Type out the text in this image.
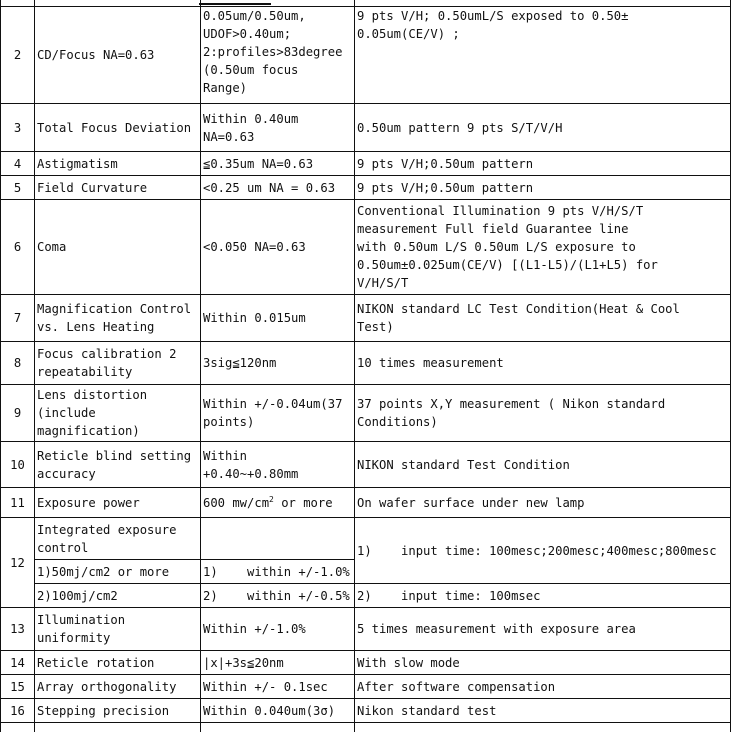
2	CD/Focus NA=0.63	0.05um/0.50um,
UDOF>0.40um;
2:profiles>83degree
(0.50um focus
Range)	9 pts V/H; 0.50umL/S exposed to 0.50±
0.05um(CE/V) ;
3	Total Focus Deviation	Within 0.40um
NA=0.63	0.50um pattern 9 pts S/T/V/H
4	Astigmatism	≦0.35um NA=0.63	9 pts V/H;0.50um pattern
5	Field Curvature	<0.25 um NA = 0.63	9 pts V/H;0.50um pattern
6	Coma	<0.050 NA=0.63	Conventional Illumination 9 pts V/H/S/T
measurement Full field Guarantee line
with 0.50um L/S 0.50um L/S exposure to
0.50um±0.025um(CE/V) [(L1-L5)/(L1+L5) for
V/H/S/T
7	Magnification Control
vs. Lens Heating	Within 0.015um	NIKON standard LC Test Condition(Heat & Cool
Test)
8	Focus calibration 2
repeatability	3sig≦120nm	10 times measurement
9	Lens distortion
(include
magnification)	Within +/-0.04um(37
points)	37 points X,Y measurement ( Nikon standard
Conditions)
10	Reticle blind setting
accuracy	Within
+0.40~+0.80mm	NIKON standard Test Condition
11	Exposure power	600 $mw/cm^2$ or more	On wafer surface under new lamp
12	Integrated exposure
control		1)    input time: 100mesc;200mesc;400mesc;800mesc
	1)50mj/cm2 or more	1)    within +/-1.0%	
	2)100mj/cm2	2)    within +/-0.5%	2)    input time: 100msec
13	Illumination
uniformity	Within +/-1.0%	5 times measurement with exposure area
14	Reticle rotation	|x|+3s≦20nm	With slow mode
15	Array orthogonality	Within +/- 0.1sec	After software compensation
16	Stepping precision	Within 0.040um(3σ)	Nikon standard test
